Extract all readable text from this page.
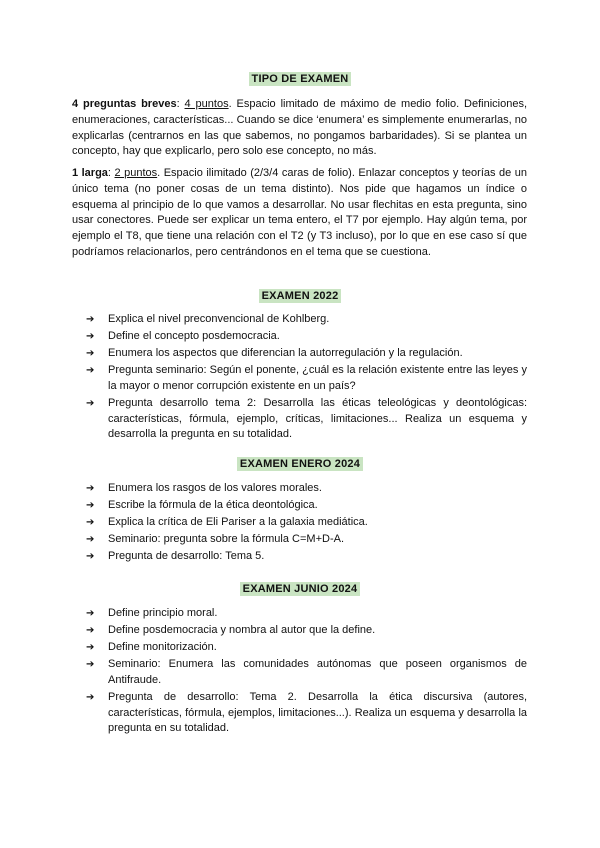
TIPO DE EXAMEN

4 preguntas breves: 4 puntos. Espacio limitado de máximo de medio folio. Definiciones, enumeraciones, características... Cuando se dice ‘enumera’ es simplemente enumerarlas, no explicarlas (centrarnos en las que sabemos, no pongamos barbaridades). Si se plantea un concepto, hay que explicarlo, pero solo ese concepto, no más.

1 larga: 2 puntos. Espacio ilimitado (2/3/4 caras de folio). Enlazar conceptos y teorías de un único tema (no poner cosas de un tema distinto). Nos pide que hagamos un índice o esquema al principio de lo que vamos a desarrollar. No usar flechitas en esta pregunta, sino usar conectores. Puede ser explicar un tema entero, el T7 por ejemplo. Hay algún tema, por ejemplo el T8, que tiene una relación con el T2 (y T3 incluso), por lo que en ese caso sí que podríamos relacionarlos, pero centrándonos en el tema que se cuestiona.

EXAMEN 2022
➔ Explica el nivel preconvencional de Kohlberg.
➔ Define el concepto posdemocracia.
➔ Enumera los aspectos que diferencian la autorregulación y la regulación.
➔ Pregunta seminario: Según el ponente, ¿cuál es la relación existente entre las leyes y la mayor o menor corrupción existente en un país?
➔ Pregunta desarrollo tema 2: Desarrolla las éticas teleológicas y deontológicas: características, fórmula, ejemplo, críticas, limitaciones... Realiza un esquema y desarrolla la pregunta en su totalidad.
EXAMEN ENERO 2024
➔ Enumera los rasgos de los valores morales.
➔ Escribe la fórmula de la ética deontológica.
➔ Explica la crítica de Eli Pariser a la galaxia mediática.
➔ Seminario: pregunta sobre la fórmula C=M+D-A.
➔ Pregunta de desarrollo: Tema 5.
EXAMEN JUNIO 2024
➔ Define principio moral.
➔ Define posdemocracia y nombra al autor que la define.
➔ Define monitorización.
➔ Seminario: Enumera las comunidades autónomas que poseen organismos de Antifraude.
➔ Pregunta de desarrollo: Tema 2. Desarrolla la ética discursiva (autores, características, fórmula, ejemplos, limitaciones...). Realiza un esquema y desarrolla la pregunta en su totalidad.
